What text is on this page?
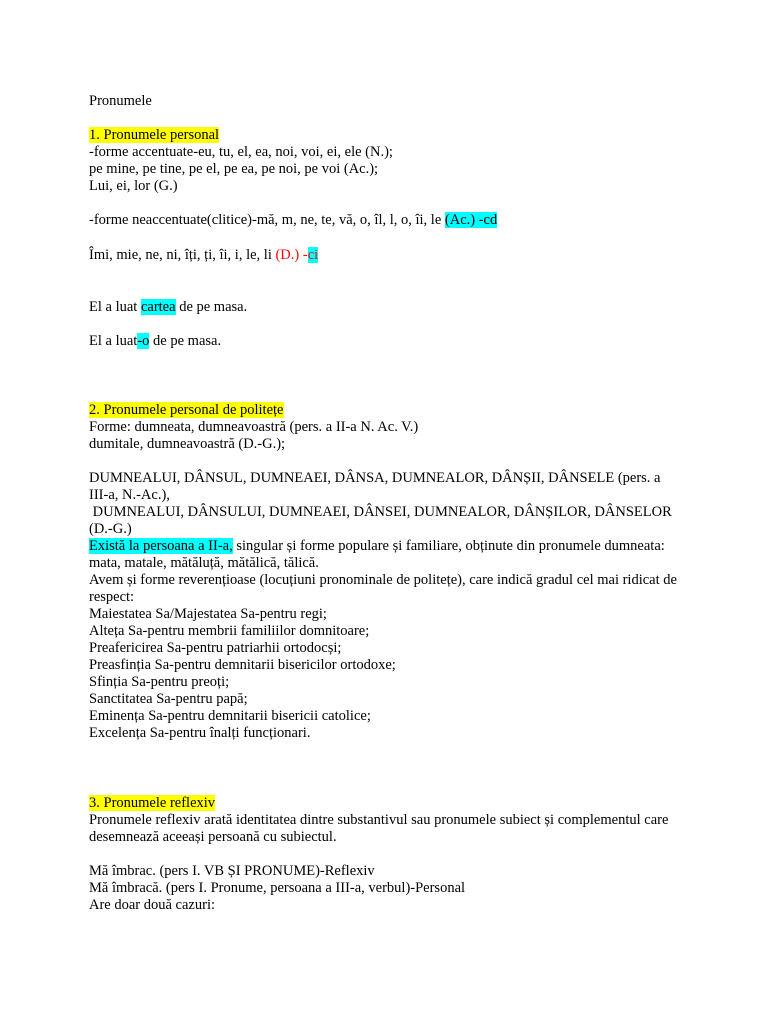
Pronumele
1. Pronumele personal
-forme accentuate-eu, tu, el, ea, noi, voi, ei, ele (N.);
pe mine, pe tine, pe el, pe ea, pe noi, pe voi (Ac.);
Lui, ei, lor (G.)
-forme neaccentuate(clitice)-mă, m, ne, te, vă, o, îl, l, o, îi, le (Ac.) -cd
Îmi, mie, ne, ni, îți, ți, îi, i, le, li (D.) -ci
El a luat cartea de pe masa.
El a luat-o de pe masa.
2. Pronumele personal de politețe
Forme: dumneata, dumneavoastră (pers. a II-a N. Ac. V.)
dumitale, dumneavoastră (D.-G.);
DUMNEALUI, DÂNSUL, DUMNEAEI, DÂNSA, DUMNEALOR, DÂNȘII, DÂNSELE (pers. a
III-a, N.-Ac.),
DUMNEALUI, DÂNSULUI, DUMNEAEI, DÂNSEI, DUMNEALOR, DÂNȘILOR, DÂNSELOR
(D.-G.)
Există la persoana a II-a, singular și forme populare și familiare, obținute din pronumele dumneata:
mata, matale, mătăluță, mătălică, tălică.
Avem și forme reverențioase (locuțiuni pronominale de politețe), care indică gradul cel mai ridicat de
respect:
Maiestatea Sa/Majestatea Sa-pentru regi;
Alteța Sa-pentru membrii familiilor domnitoare;
Preafericirea Sa-pentru patriarhii ortodocși;
Preasfinția Sa-pentru demnitarii bisericilor ortodoxe;
Sfinția Sa-pentru preoți;
Sanctitatea Sa-pentru papă;
Eminența Sa-pentru demnitarii bisericii catolice;
Excelența Sa-pentru înalți funcționari.
3. Pronumele reflexiv
Pronumele reflexiv arată identitatea dintre substantivul sau pronumele subiect și complementul care
desemnează aceeași persoană cu subiectul.
Mă îmbrac. (pers I. VB ȘI PRONUME)-Reflexiv
Mă îmbracă. (pers I. Pronume, persoana a III-a, verbul)-Personal
Are doar două cazuri:
